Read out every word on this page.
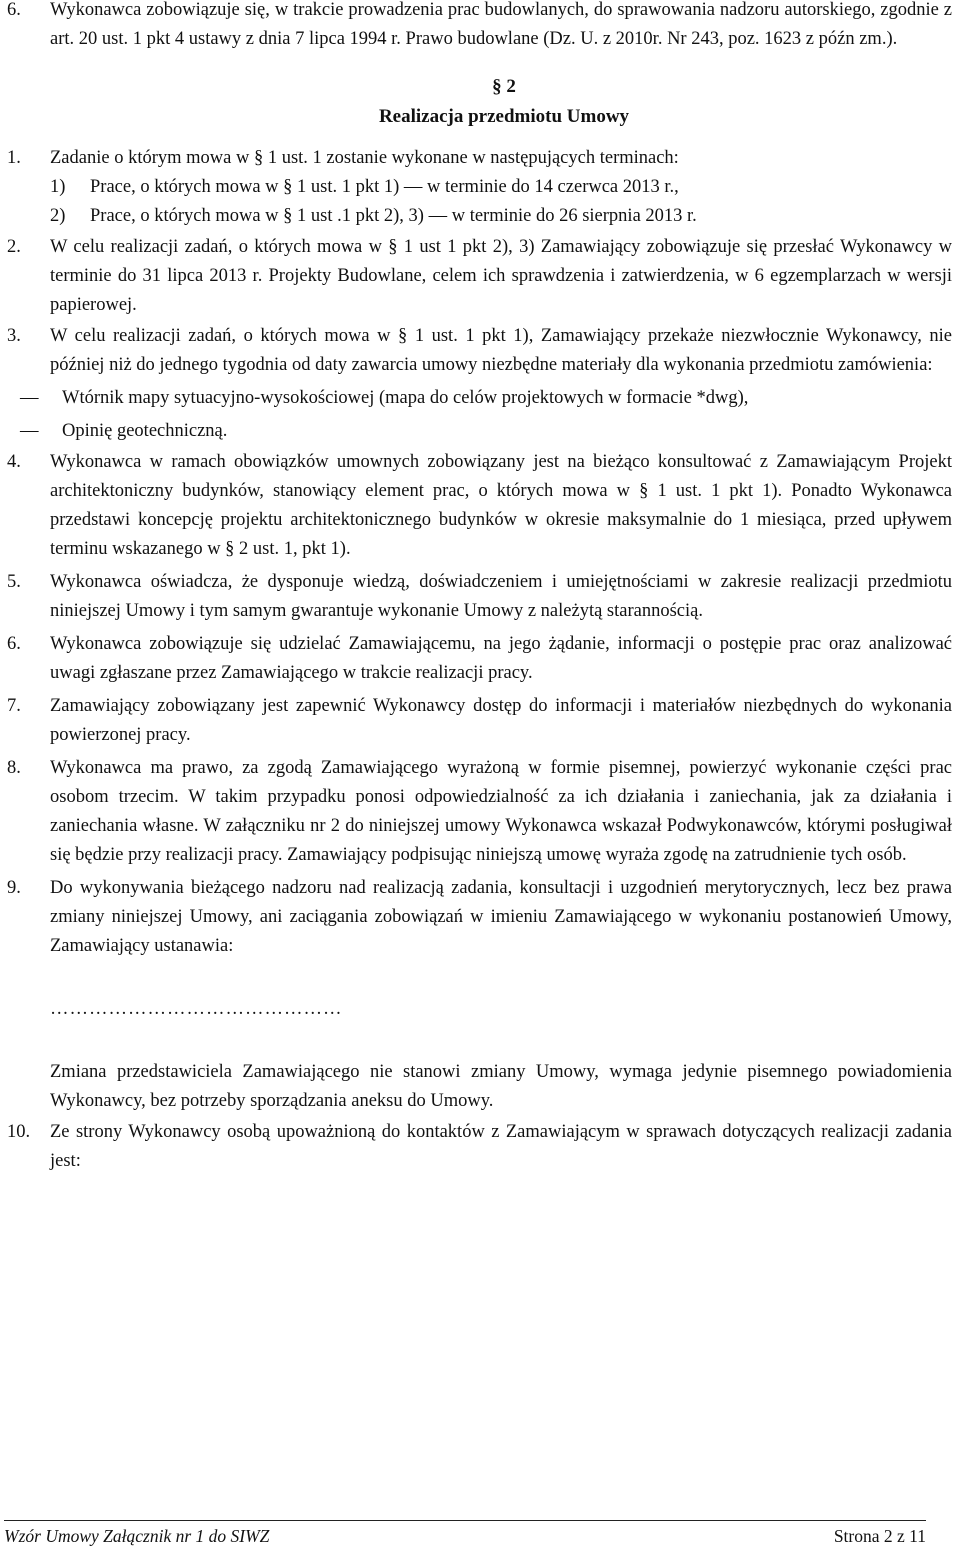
6.	Wykonawca zobowiązuje się, w trakcie prowadzenia prac budowlanych, do sprawowania nadzoru autorskiego, zgodnie z art. 20 ust. 1 pkt 4 ustawy z dnia 7 lipca 1994 r. Prawo budowlane (Dz. U. z 2010r. Nr 243, poz. 1623 z późn zm.).
§ 2
Realizacja przedmiotu Umowy
1.	Zadanie o którym mowa w § 1 ust. 1 zostanie wykonane w następujących terminach:
1)	Prace, o których mowa w § 1 ust. 1 pkt 1) — w terminie do 14 czerwca 2013 r.,
2)	Prace, o których mowa w § 1 ust .1 pkt 2), 3) — w terminie do 26 sierpnia 2013 r.
2.	W celu realizacji zadań, o których mowa w § 1 ust 1 pkt 2), 3) Zamawiający zobowiązuje się przesłać Wykonawcy w terminie do 31 lipca 2013 r. Projekty Budowlane, celem ich sprawdzenia i zatwierdzenia, w 6 egzemplarzach w wersji papierowej.
3.	W celu realizacji zadań, o których mowa w § 1 ust. 1 pkt 1), Zamawiający przekaże niezwłocznie Wykonawcy, nie później niż do jednego tygodnia od daty zawarcia umowy niezbędne materiały dla wykonania przedmiotu zamówienia:
—	Wtórnik mapy sytuacyjno-wysokościowej (mapa do celów projektowych w formacie *dwg),
—	Opinię geotechniczną.
4.	Wykonawca w ramach obowiązków umownych zobowiązany jest na bieżąco konsultować z Zamawiającym Projekt architektoniczny budynków, stanowiący element prac, o których mowa w § 1 ust. 1 pkt 1). Ponadto Wykonawca przedstawi koncepcję projektu architektonicznego budynków w okresie maksymalnie do 1 miesiąca, przed upływem terminu wskazanego w § 2 ust. 1, pkt 1).
5.	Wykonawca oświadcza, że dysponuje wiedzą, doświadczeniem i umiejętnościami w zakresie realizacji przedmiotu niniejszej Umowy i tym samym gwarantuje wykonanie Umowy z należytą starannością.
6.	Wykonawca zobowiązuje się udzielać Zamawiającemu, na jego żądanie, informacji o postępie prac oraz analizować uwagi zgłaszane przez Zamawiającego w trakcie realizacji pracy.
7.	Zamawiający zobowiązany jest zapewnić Wykonawcy dostęp do informacji i materiałów niezbędnych do wykonania powierzonej pracy.
8.	Wykonawca ma prawo, za zgodą Zamawiającego wyrażoną w formie pisemnej, powierzyć wykonanie części prac osobom trzecim. W takim przypadku ponosi odpowiedzialność za ich działania i zaniechania, jak za działania i zaniechania własne. W załączniku nr 2 do niniejszej umowy Wykonawca wskazał Podwykonawców, którymi posługiwał się będzie przy realizacji pracy. Zamawiający podpisując niniejszą umowę wyraża zgodę na zatrudnienie tych osób.
9.	Do wykonywania bieżącego nadzoru nad realizacją zadania, konsultacji i uzgodnień merytorycznych, lecz bez prawa zmiany niniejszej Umowy, ani zaciągania zobowiązań w imieniu Zamawiającego w wykonaniu postanowień Umowy, Zamawiający ustanawia:
………………………………………
Zmiana przedstawiciela Zamawiającego nie stanowi zmiany Umowy, wymaga jedynie pisemnego powiadomienia Wykonawcy, bez potrzeby sporządzania aneksu do Umowy.
10.	Ze strony Wykonawcy osobą upoważnioną do kontaktów z Zamawiającym w sprawach dotyczących realizacji zadania jest:
Wzór Umowy Załącznik nr 1 do SIWZ	Strona 2 z 11
